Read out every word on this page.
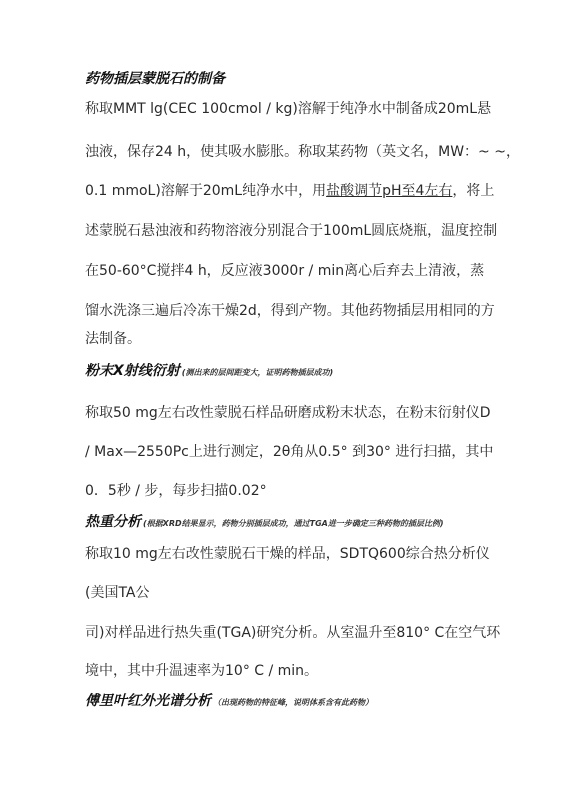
药物插层蒙脱石的制备
称取MMT lg(CEC 100cmol / kg)溶解于纯净水中制备成20mL悬
浊液，保存24 h，使其吸水膨胀。称取某药物（英文名，MW：~ ~，
0.1 mmoL)溶解于20mL纯净水中，用盐酸调节pH至4左右，将上
述蒙脱石悬浊液和药物溶液分别混合于100mL圆底烧瓶，温度控制
在50-60°C搅拌4 h，反应液3000r / min离心后弃去上清液，蒸
馏水洗涤三遍后冷冻干燥2d，得到产物。其他药物插层用相同的方
法制备。
粉末X射线衍射 (测出来的层间距变大，证明药物插层成功)
称取50 mg左右改性蒙脱石样品研磨成粉末状态，在粉末衍射仪D
/ Max—2550Pc上进行测定，2θ角从0.5° 到30° 进行扫描，其中
0．5秒 / 步，每步扫描0.02°
热重分析 (根据XRD结果显示，药物分别插层成功，通过TGA进一步确定三种药物的插层比例)
称取10 mg左右改性蒙脱石干燥的样品，SDTQ600综合热分析仪
(美国TA公
司)对样品进行热失重(TGA)研究分析。从室温升至810° C在空气环
境中，其中升温速率为10° C / min。
傅里叶红外光谱分析 （出现药物的特征峰，说明体系含有此药物）
